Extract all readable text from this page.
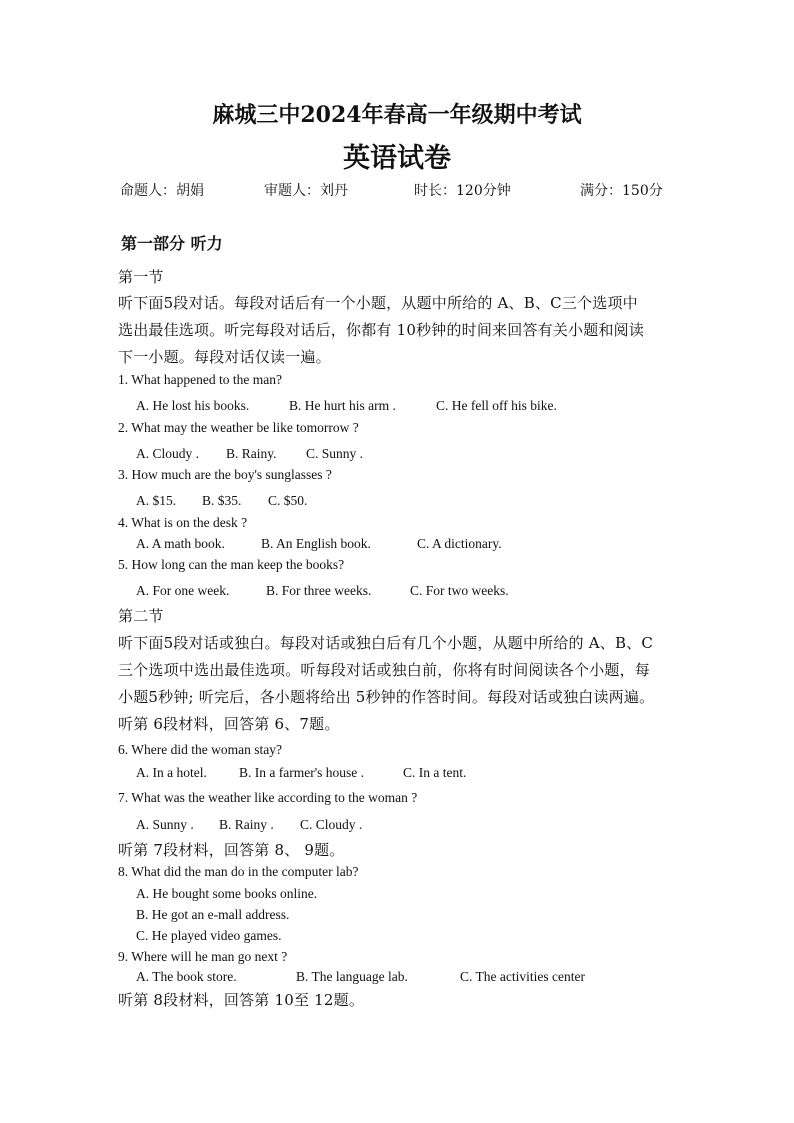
麻城三中2024年春高一年级期中考试
英语试卷
命题人：胡娟	审题人：刘丹	时长：120分钟	满分：150分
第一部分 听力
第一节
听下面5段对话。每段对话后有一个小题，从题中所给的 A、B、C三个选项中
选出最佳选项。听完每段对话后，你都有 10秒钟的时间来回答有关小题和阅读
下一小题。每段对话仅读一遍。
1. What happened to the man?
A. He lost his books.	B. He hurt his arm .	C. He fell off his bike.
2. What may the weather be like tomorrow ?
A. Cloudy . B. Rainy. C. Sunny .
3. How much are the boy's sunglasses ?
A. $15. B. $35. C. $50.
4. What is on the desk ?
A. A math book.	B. An English book.	C. A dictionary.
5. How long can the man keep the books?
A. For one week.	B. For three weeks.	C. For two weeks.
第二节
听下面5段对话或独白。每段对话或独白后有几个小题，从题中所给的 A、B、C
三个选项中选出最佳选项。听每段对话或独白前，你将有时间阅读各个小题，每
小题5秒钟; 听完后，各小题将给出 5秒钟的作答时间。每段对话或独白读两遍。
听第 6段材料，回答第 6、7题。
6. Where did the woman stay?
A. In a hotel. B. In a farmer's house .	C. In a tent.
7. What was the weather like according to the woman ?
A. Sunny . B. Rainy . C. Cloudy .
听第 7段材料，回答第 8、 9题。
8. What did the man do in the computer lab?
A. He bought some books online.
B. He got an e-mall address.
C. He played video games.
9. Where will he man go next ?
A. The book store.	B. The language lab.	C. The activities center
听第 8段材料，回答第 10至 12题。
